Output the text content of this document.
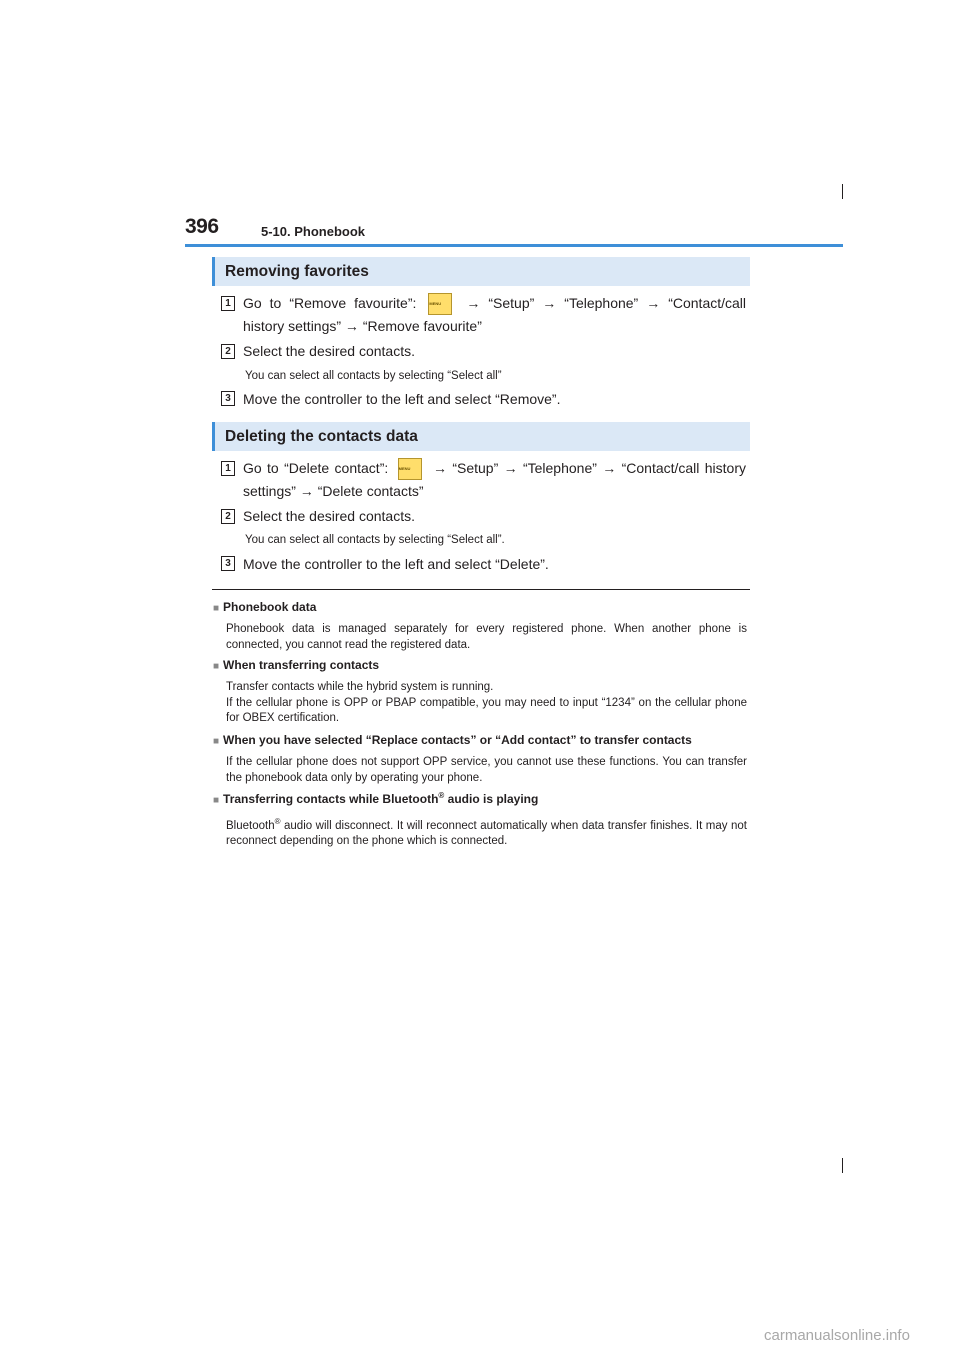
396	5-10. Phonebook
Removing favorites
1 Go to “Remove favourite”:	MENU → “Setup” → “Telephone” → “Contact/call history settings” → “Remove favourite”
2 Select the desired contacts.
You can select all contacts by selecting “Select all”
3 Move the controller to the left and select “Remove”.
Deleting the contacts data
1 Go to “Delete contact”:	MENU → “Setup” → “Telephone” → “Contact/call history settings” → “Delete contacts”
2 Select the desired contacts.
You can select all contacts by selecting “Select all”.
3 Move the controller to the left and select “Delete”.
■ Phonebook data

Phonebook data is managed separately for every registered phone. When another phone is connected, you cannot read the registered data.

■ When transferring contacts

Transfer contacts while the hybrid system is running.

If the cellular phone is OPP or PBAP compatible, you may need to input “1234” on the cellular phone for OBEX certification.

■ When you have selected “Replace contacts” or “Add contact” to transfer contacts

If the cellular phone does not support OPP service, you cannot use these functions. You can transfer the phonebook data only by operating your phone.

■ Transferring contacts while Bluetooth® audio is playing

Bluetooth® audio will disconnect. It will reconnect automatically when data transfer finishes. It may not reconnect depending on the phone which is connected.

carmanualsonline.info
